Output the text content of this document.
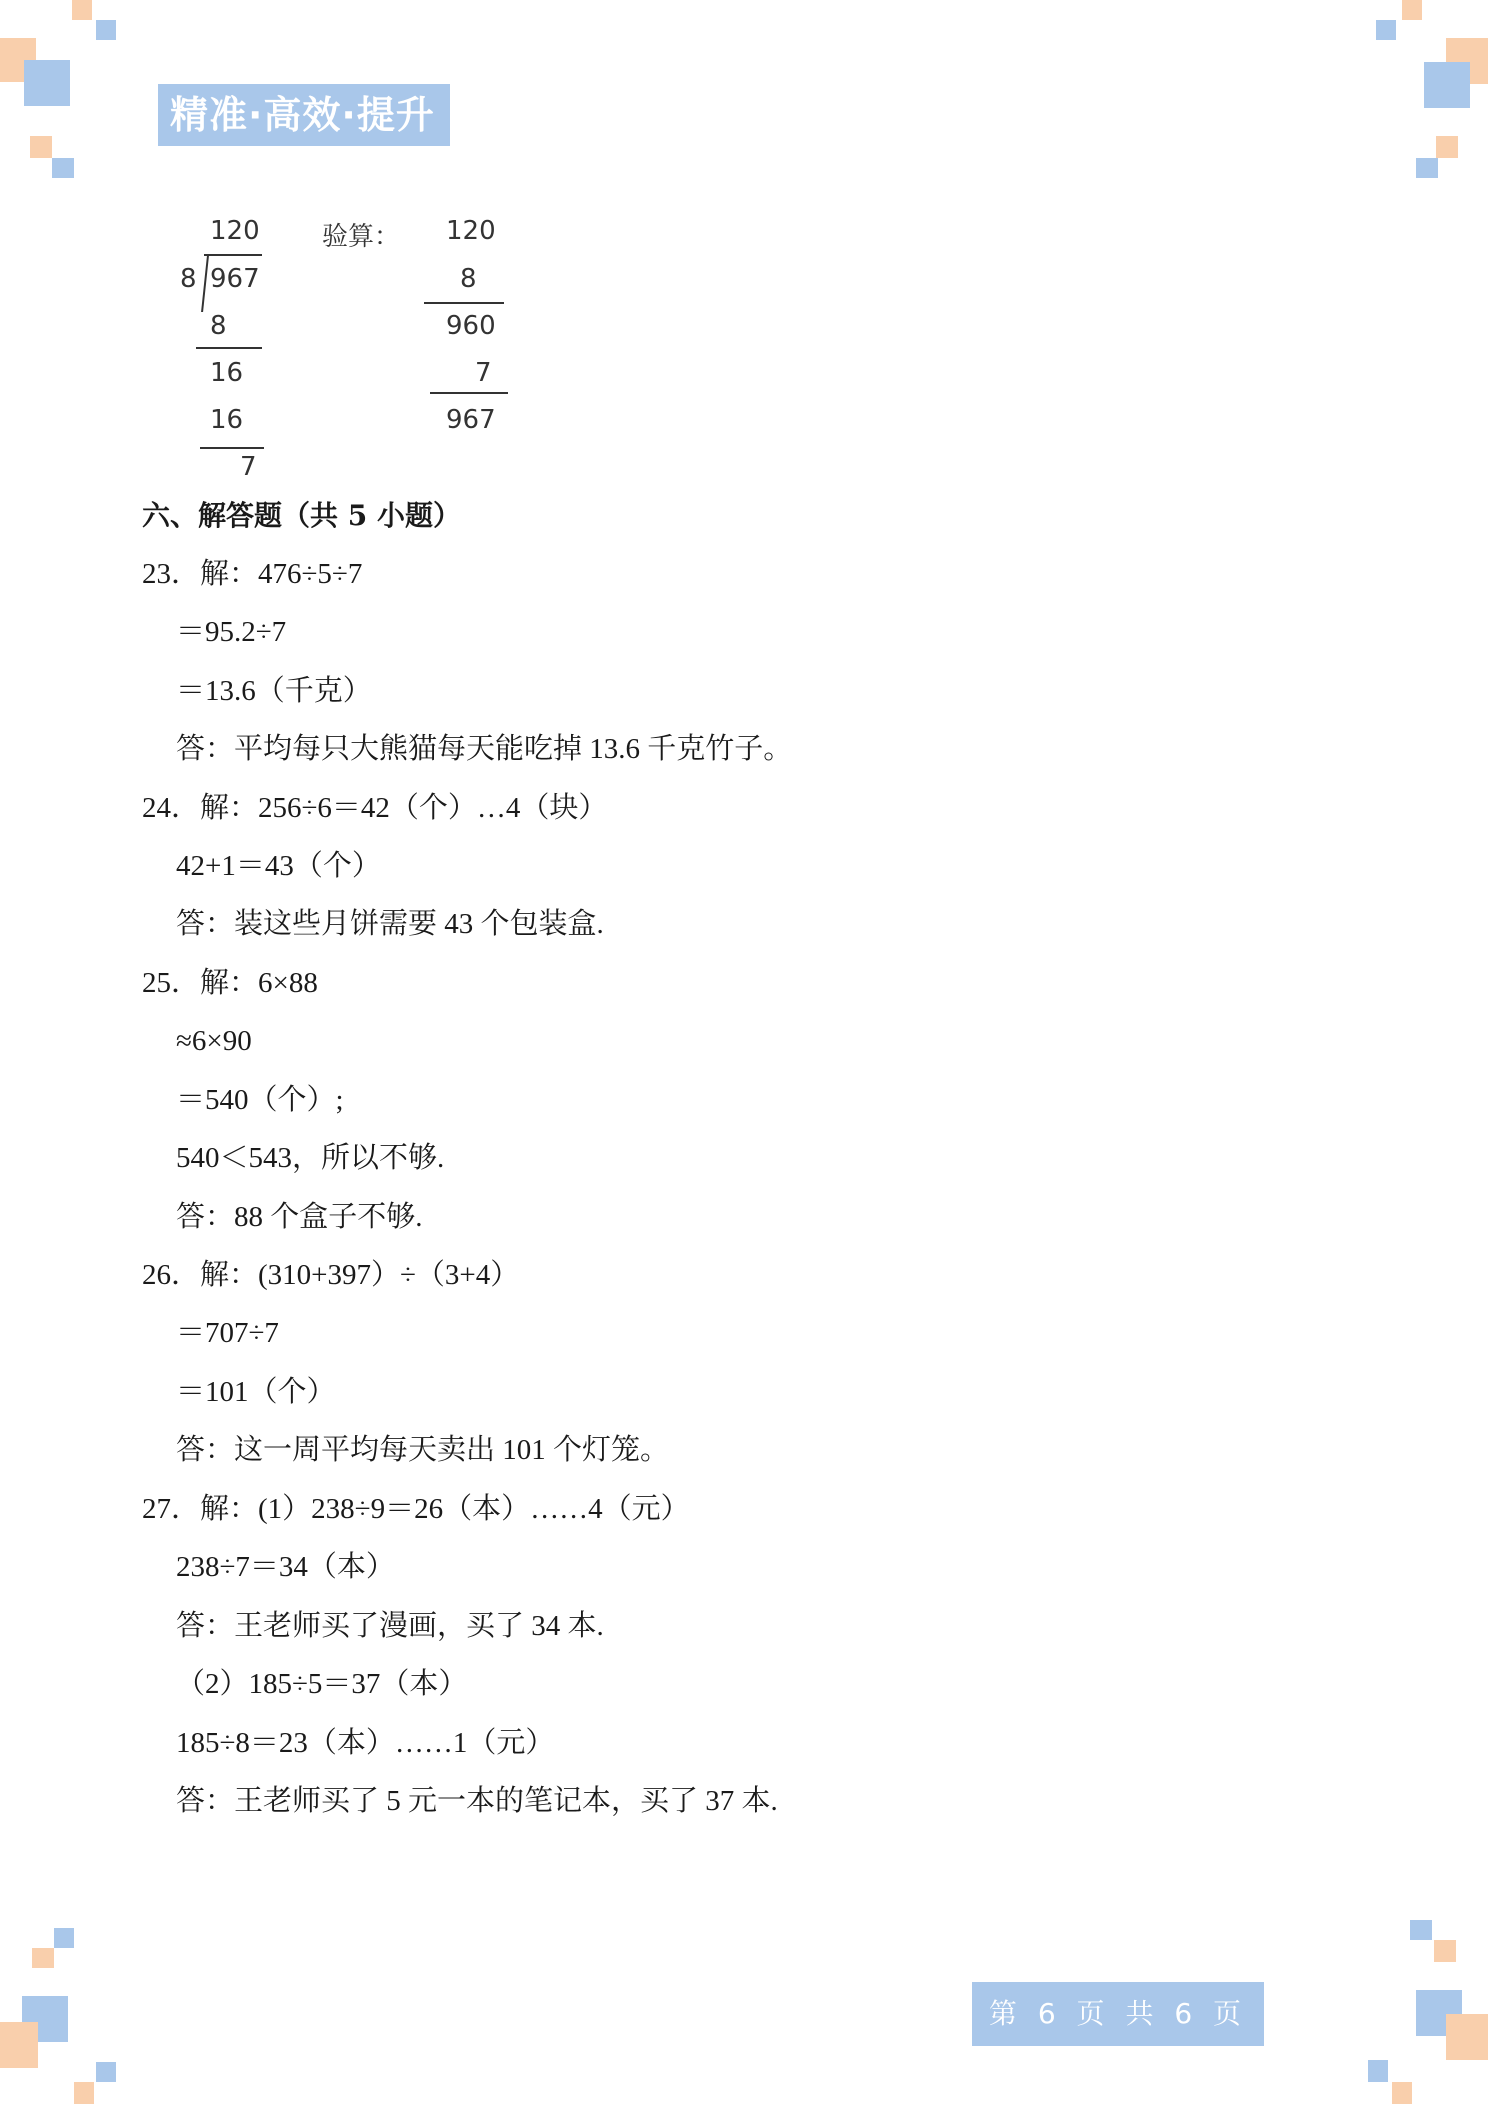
精准·高效·提升
120
8 967
8
16
16
7
验算： 120
8
960
7
967
六、解答题（共 5 小题）
23．解：476÷5÷7
＝95.2÷7
＝13.6（千克）
答：平均每只大熊猫每天能吃掉 13.6 千克竹子。
24．解：256÷6＝42（个）…4（块）
42+1＝43（个）
答：装这些月饼需要 43 个包装盒.
25．解：6×88
≈6×90
＝540（个）;
540＜543，所以不够.
答：88 个盒子不够.
26．解：(310+397）÷（3+4）
＝707÷7
＝101（个）
答：这一周平均每天卖出 101 个灯笼。
27．解：(1）238÷9＝26（本）……4（元）
238÷7＝34（本）
答：王老师买了漫画，买了 34 本.
（2）185÷5＝37（本）
185÷8＝23（本）……1（元）
答：王老师买了 5 元一本的笔记本，买了 37 本.
第 6 页 共 6 页
